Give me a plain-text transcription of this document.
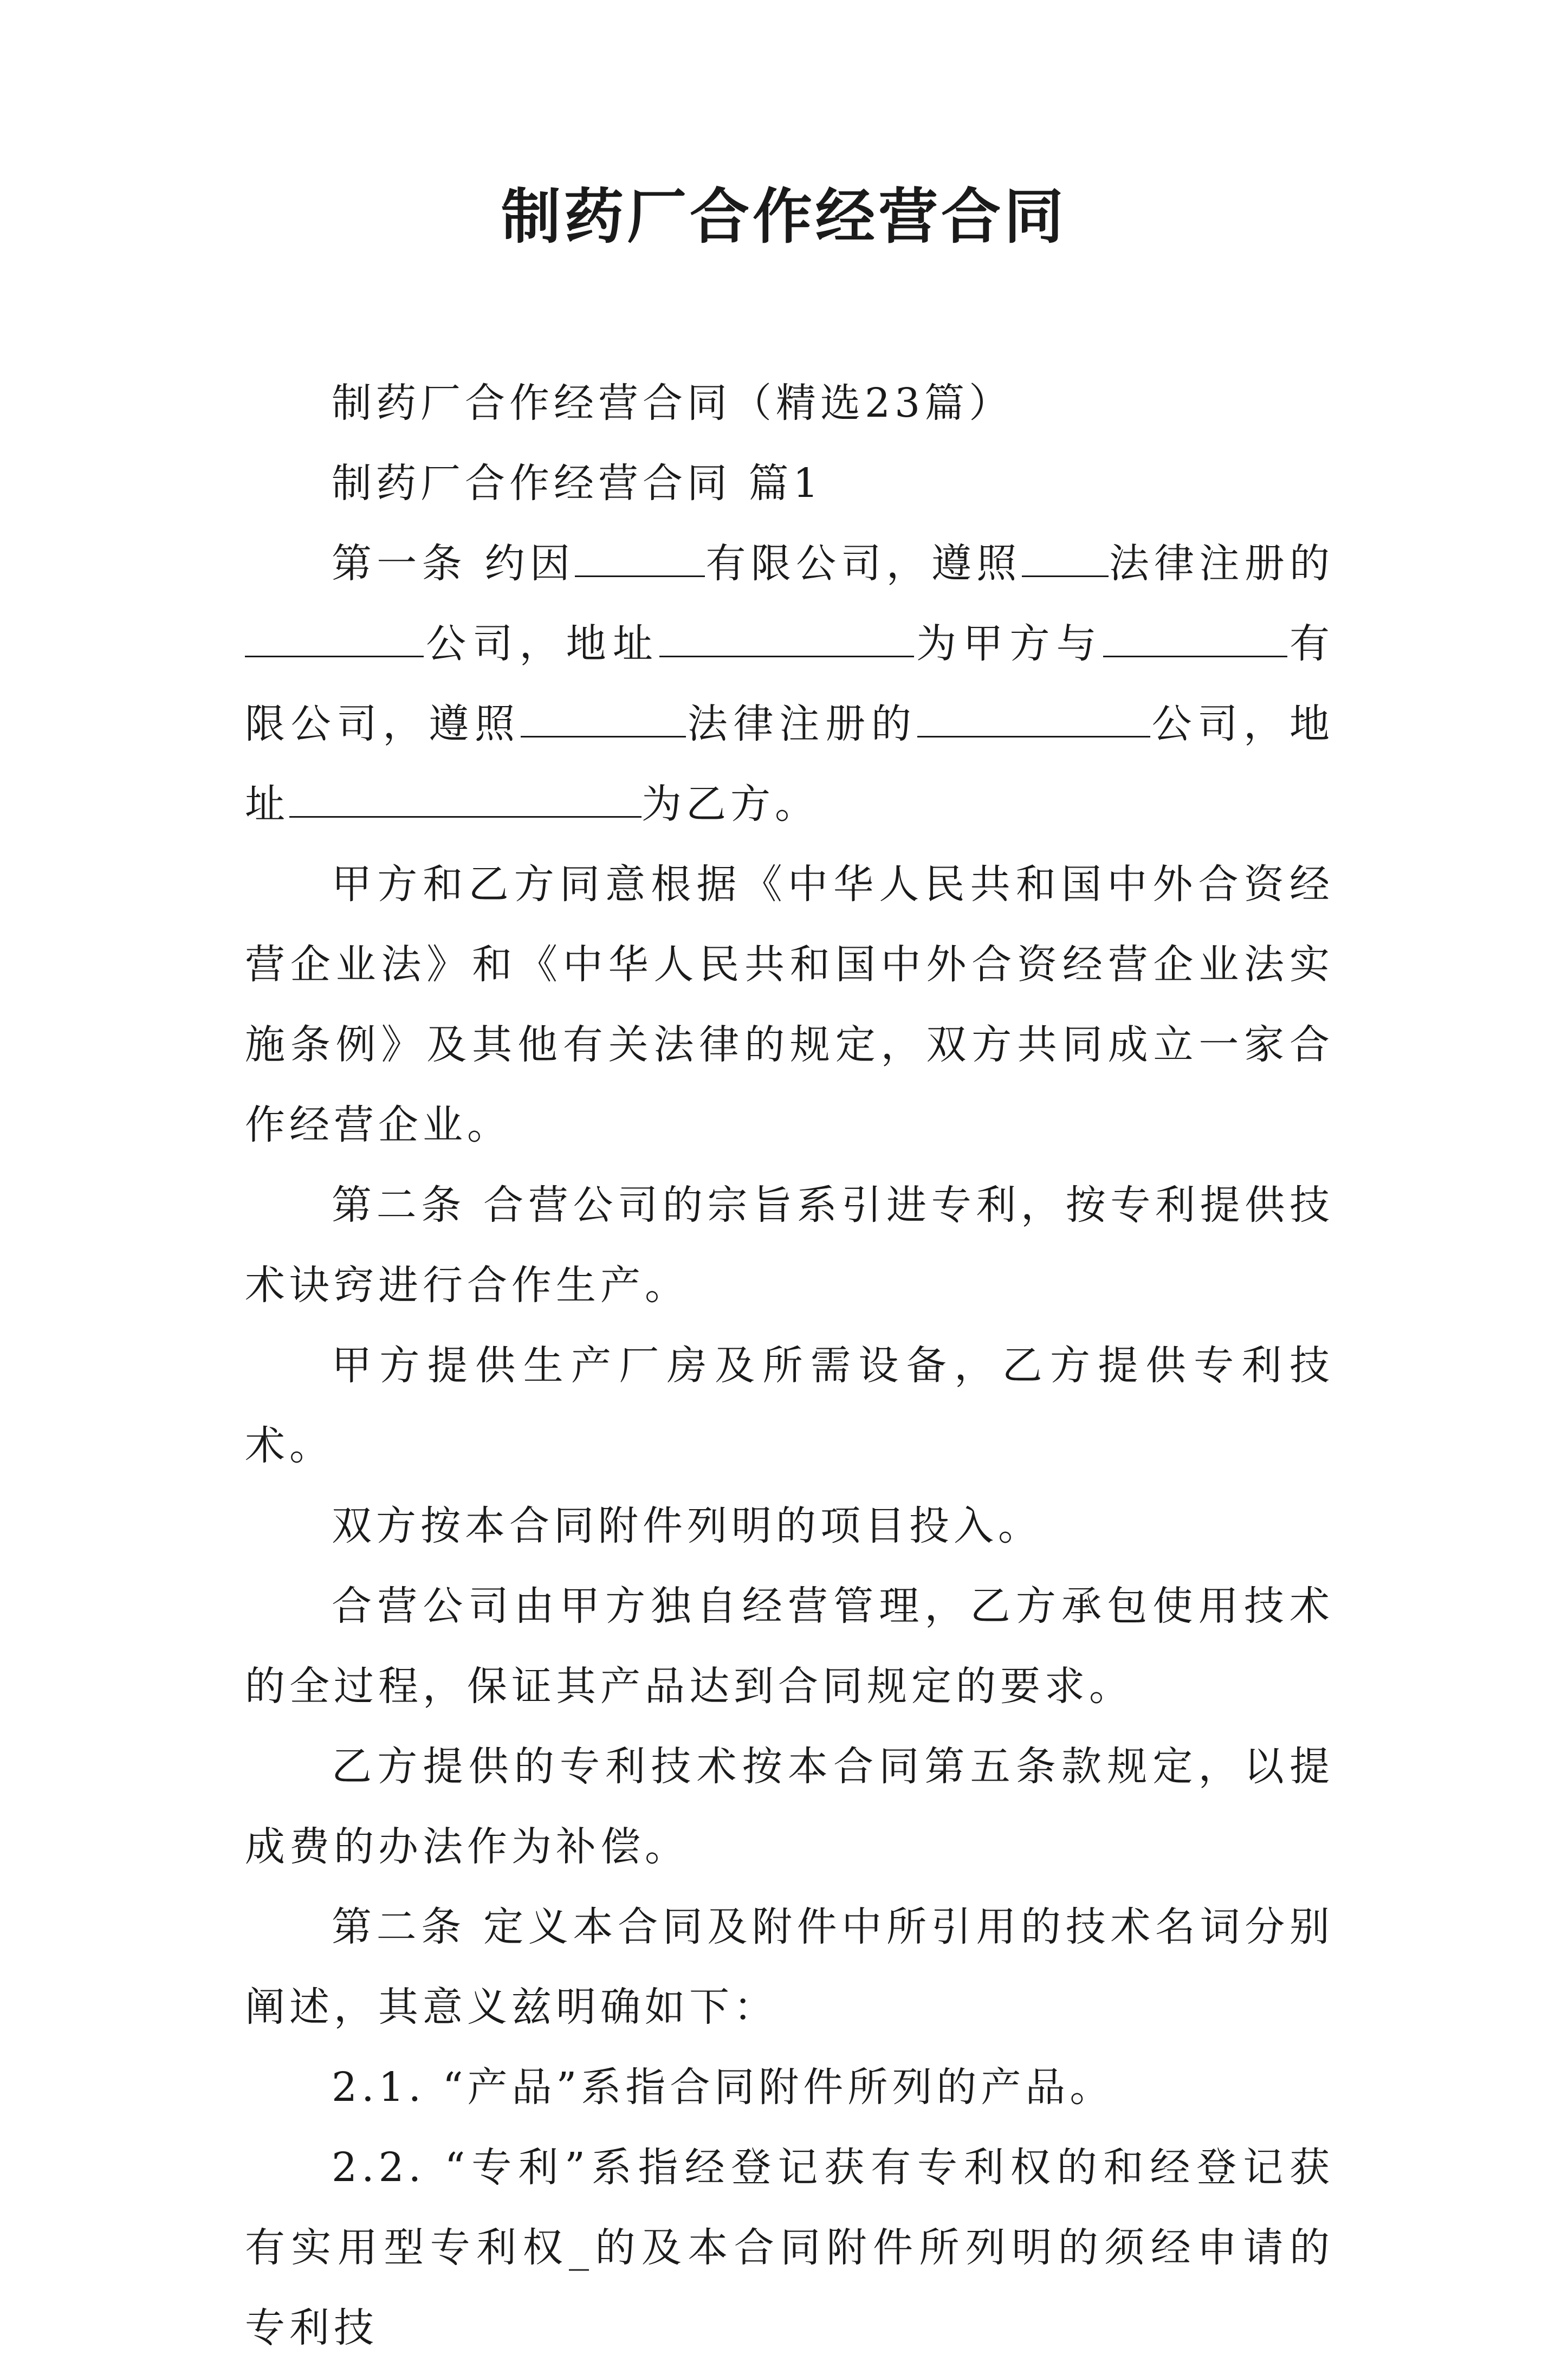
制药厂合作经营合同

制药厂合作经营合同（精选23篇）

制药厂合作经营合同 篇1

第一条 约因	有限公司，遵照 法律注册的公司，地址	为甲方与	有限公司，遵照	法律注册的	公司，地址	为乙方。

甲方和乙方同意根据《中华人民共和国中外合资经营企业法》和《中华人民共和国中外合资经营企业法实施条例》及其他有关法律的规定，双方共同成立一家合作经营企业。

第二条 合营公司的宗旨系引进专利，按专利提供技术诀窍进行合作生产。

甲方提供生产厂房及所需设备，乙方提供专利技术。

双方按本合同附件列明的项目投入。

合营公司由甲方独自经营管理，乙方承包使用技术的全过程，保证其产品达到合同规定的要求。

乙方提供的专利技术按本合同第五条款规定，以提成费的办法作为补偿。

第二条 定义本合同及附件中所引用的技术名词分别阐述，其意义兹明确如下：

2.1. “产品”系指合同附件所列的产品。

2.2. “专利”系指经登记获有专利权的和经登记获有实用型专利权_的及本合同附件所列明的须经申请的专利技
